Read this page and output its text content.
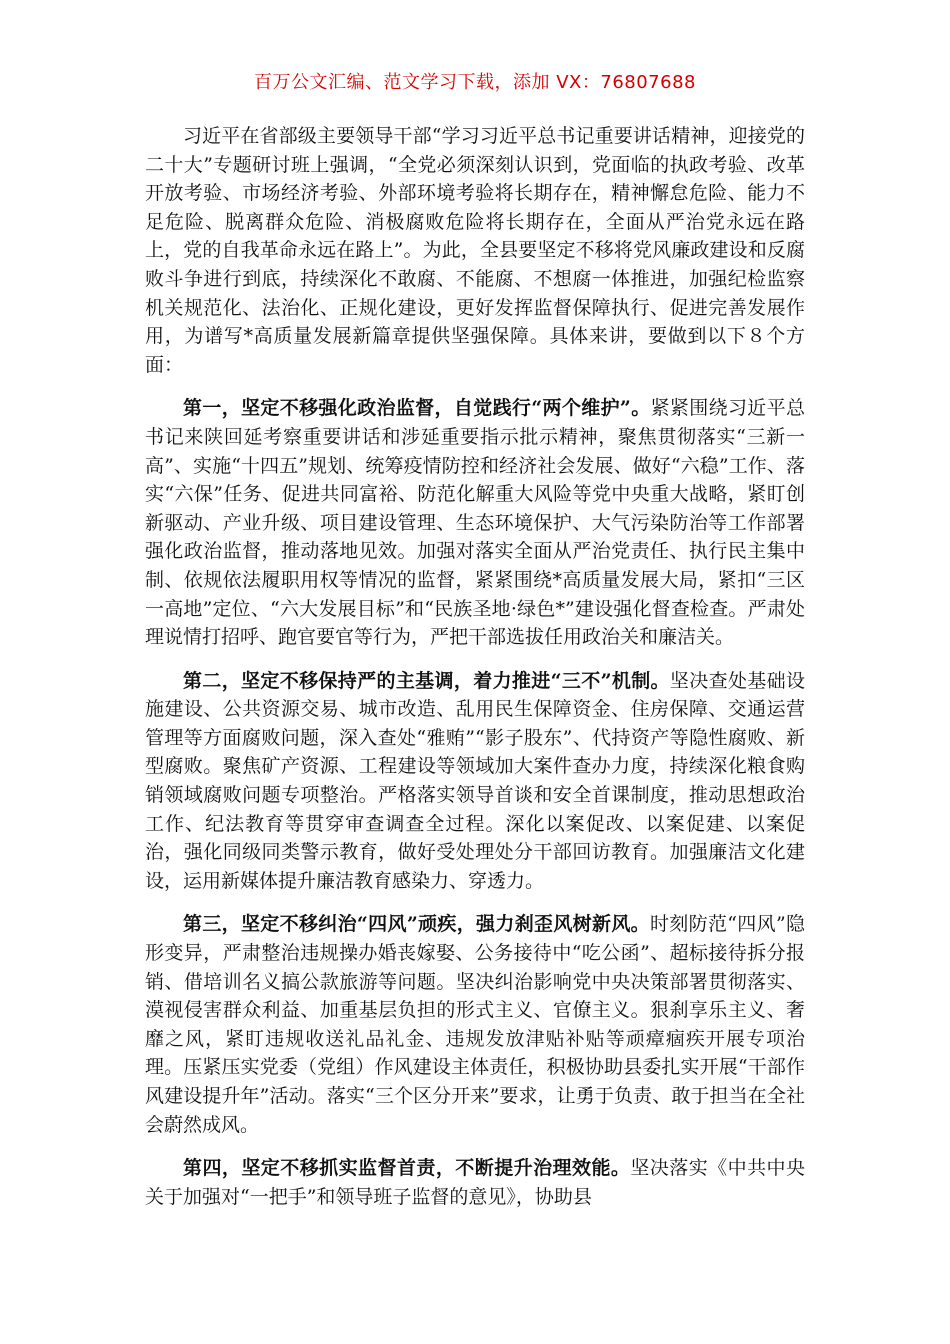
百万公文汇编、范文学习下载，添加 VX：76807688

习近平在省部级主要领导干部“学习习近平总书记重要讲话精神，迎接党的二十大”专题研讨班上强调，“全党必须深刻认识到，党面临的执政考验、改革开放考验、市场经济考验、外部环境考验将长期存在，精神懈怠危险、能力不足危险、脱离群众危险、消极腐败危险将长期存在，全面从严治党永远在路上，党的自我革命永远在路上”。为此，全县要坚定不移将党风廉政建设和反腐败斗争进行到底，持续深化不敢腐、不能腐、不想腐一体推进，加强纪检监察机关规范化、法治化、正规化建设，更好发挥监督保障执行、促进完善发展作用，为谱写*高质量发展新篇章提供坚强保障。具体来讲，要做到以下８个方面：

第一，坚定不移强化政治监督，自觉践行“两个维护”。紧紧围绕习近平总书记来陕回延考察重要讲话和涉延重要指示批示精神，聚焦贯彻落实“三新一高”、实施“十四五”规划、统筹疫情防控和经济社会发展、做好“六稳”工作、落实“六保”任务、促进共同富裕、防范化解重大风险等党中央重大战略，紧盯创新驱动、产业升级、项目建设管理、生态环境保护、大气污染防治等工作部署强化政治监督，推动落地见效。加强对落实全面从严治党责任、执行民主集中制、依规依法履职用权等情况的监督，紧紧围绕*高质量发展大局，紧扣“三区一高地”定位、“六大发展目标”和“民族圣地·绿色*”建设强化督查检查。严肃处理说情打招呼、跑官要官等行为，严把干部选拔任用政治关和廉洁关。

第二，坚定不移保持严的主基调，着力推进“三不”机制。坚决查处基础设施建设、公共资源交易、城市改造、乱用民生保障资金、住房保障、交通运营管理等方面腐败问题，深入查处“雅贿”“影子股东”、代持资产等隐性腐败、新型腐败。聚焦矿产资源、工程建设等领域加大案件查办力度，持续深化粮食购销领域腐败问题专项整治。严格落实领导首谈和安全首课制度，推动思想政治工作、纪法教育等贯穿审查调查全过程。深化以案促改、以案促建、以案促治，强化同级同类警示教育，做好受处理处分干部回访教育。加强廉洁文化建设，运用新媒体提升廉洁教育感染力、穿透力。

第三，坚定不移纠治“四风”顽疾，强力刹歪风树新风。时刻防范“四风”隐形变异，严肃整治违规操办婚丧嫁娶、公务接待中“吃公函”、超标接待拆分报销、借培训名义搞公款旅游等问题。坚决纠治影响党中央决策部署贯彻落实、漠视侵害群众利益、加重基层负担的形式主义、官僚主义。狠刹享乐主义、奢靡之风，紧盯违规收送礼品礼金、违规发放津贴补贴等顽瘴痼疾开展专项治理。压紧压实党委（党组）作风建设主体责任，积极协助县委扎实开展“干部作风建设提升年”活动。落实“三个区分开来”要求，让勇于负责、敢于担当在全社会蔚然成风。

第四，坚定不移抓实监督首责，不断提升治理效能。坚决落实《中共中央关于加强对“一把手”和领导班子监督的意见》，协助县
